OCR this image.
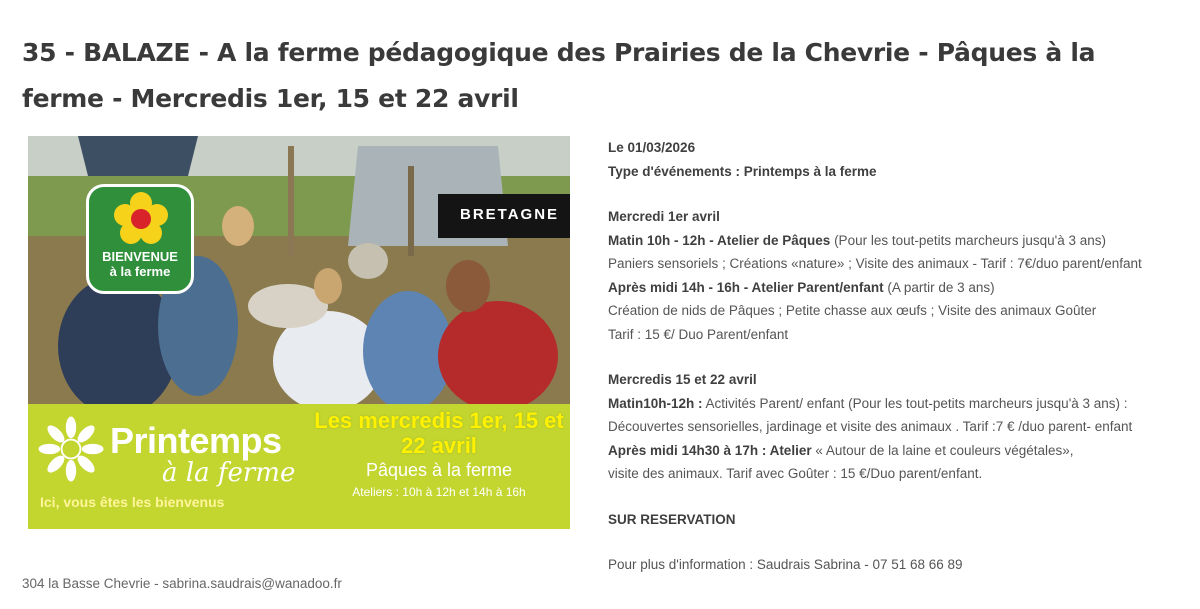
35 - BALAZE - A la ferme pédagogique des Prairies de la Chevrie - Pâques à la ferme - Mercredis 1er, 15 et 22 avril
BIENVENUE
à la ferme
BRETAGNE
Printemps
à la ferme
Ici, vous êtes les bienvenus
Les mercredis 1er, 15 et 22 avril
Pâques à la ferme
Ateliers : 10h à 12h et 14h à 16h
Le 01/03/2026
Type d'événements : Printemps à la ferme
Mercredi 1er avril
Matin 10h - 12h - Atelier de Pâques (Pour les tout-petits marcheurs jusqu'à 3 ans)
Paniers sensoriels ; Créations «nature» ; Visite des animaux - Tarif : 7€/duo parent/enfant
Après midi 14h - 16h - Atelier Parent/enfant (A partir de 3 ans)
Création de nids de Pâques ; Petite chasse aux œufs ; Visite des animaux Goûter
Tarif : 15 €/ Duo Parent/enfant
Mercredis 15 et 22 avril
Matin10h-12h : Activités Parent/ enfant (Pour les tout-petits marcheurs jusqu'à 3 ans) :
Découvertes sensorielles, jardinage et visite des animaux . Tarif :7 € /duo parent- enfant
Après midi 14h30 à 17h : Atelier « Autour de la laine et couleurs végétales»,
visite des animaux. Tarif avec Goûter : 15 €/Duo parent/enfant.
SUR RESERVATION
Pour plus d'information : Saudrais Sabrina - 07 51 68 66 89
304 la Basse Chevrie - sabrina.saudrais@wanadoo.fr
